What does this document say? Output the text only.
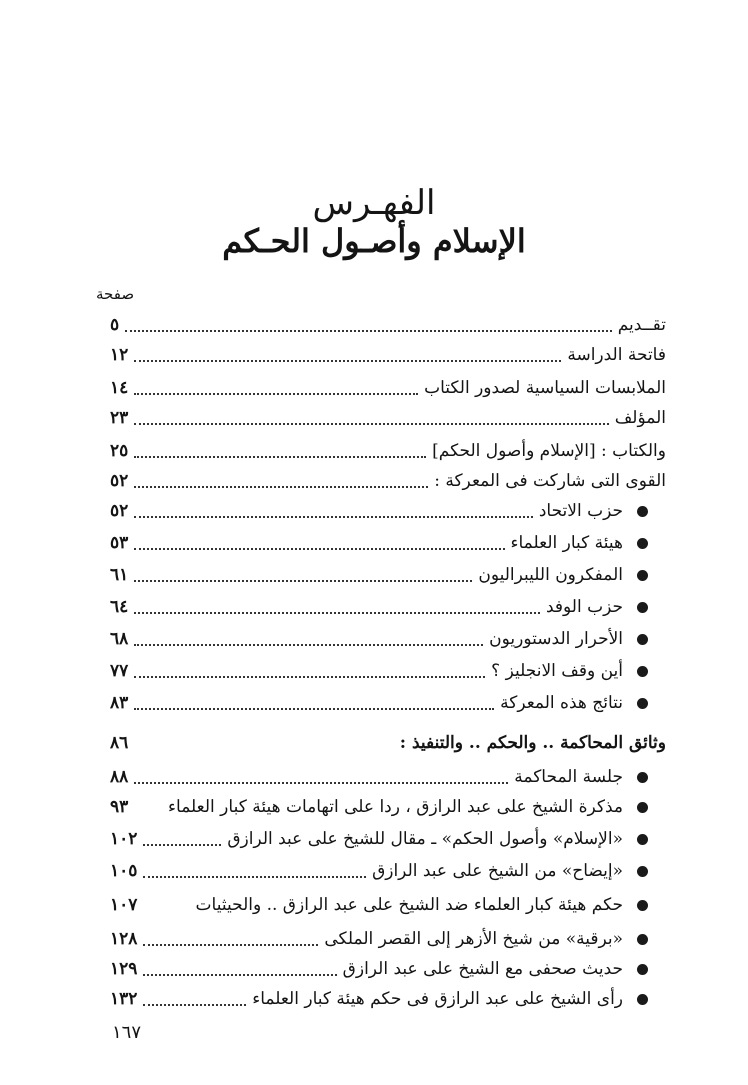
الفهـرس
الإسلام وأصـول الحـكم
صفحة
تقــديم
٥
فاتحة الدراسة
١٢
الملابسات السياسية لصدور الكتاب
١٤
المؤلف
٢٣
والكتاب : [الإسلام وأصول الحكم]
٢٥
القوى التى شاركت فى المعركة :
٥٢
حزب الاتحاد
٥٢
هيئة كبار العلماء
٥٣
المفكرون الليبراليون
٦١
حزب الوفد
٦٤
الأحرار الدستوريون
٦٨
أين وقف الانجليز ؟
٧٧
نتائج هذه المعركة
٨٣
وثائق المحاكمة .. والحكم .. والتنفيذ :
٨٦
جلسة المحاكمة
٨٨
مذكرة الشيخ على عبد الرازق ، ردا على اتهامات هيئة كبار العلماء
٩٣
«الإسلام» وأصول الحكم» ـ مقال للشيخ على عبد الرازق
١٠٢
«إيضاح» من الشيخ على عبد الرازق
١٠٥
حكم هيئة كبار العلماء ضد الشيخ على عبد الرازق .. والحيثيات
١٠٧
«برقية» من شيخ الأزهر إلى القصر الملكى
١٢٨
حديث صحفى مع الشيخ على عبد الرازق
١٢٩
رأى الشيخ على عبد الرازق فى حكم هيئة كبار العلماء
١٣٢
١٦٧
